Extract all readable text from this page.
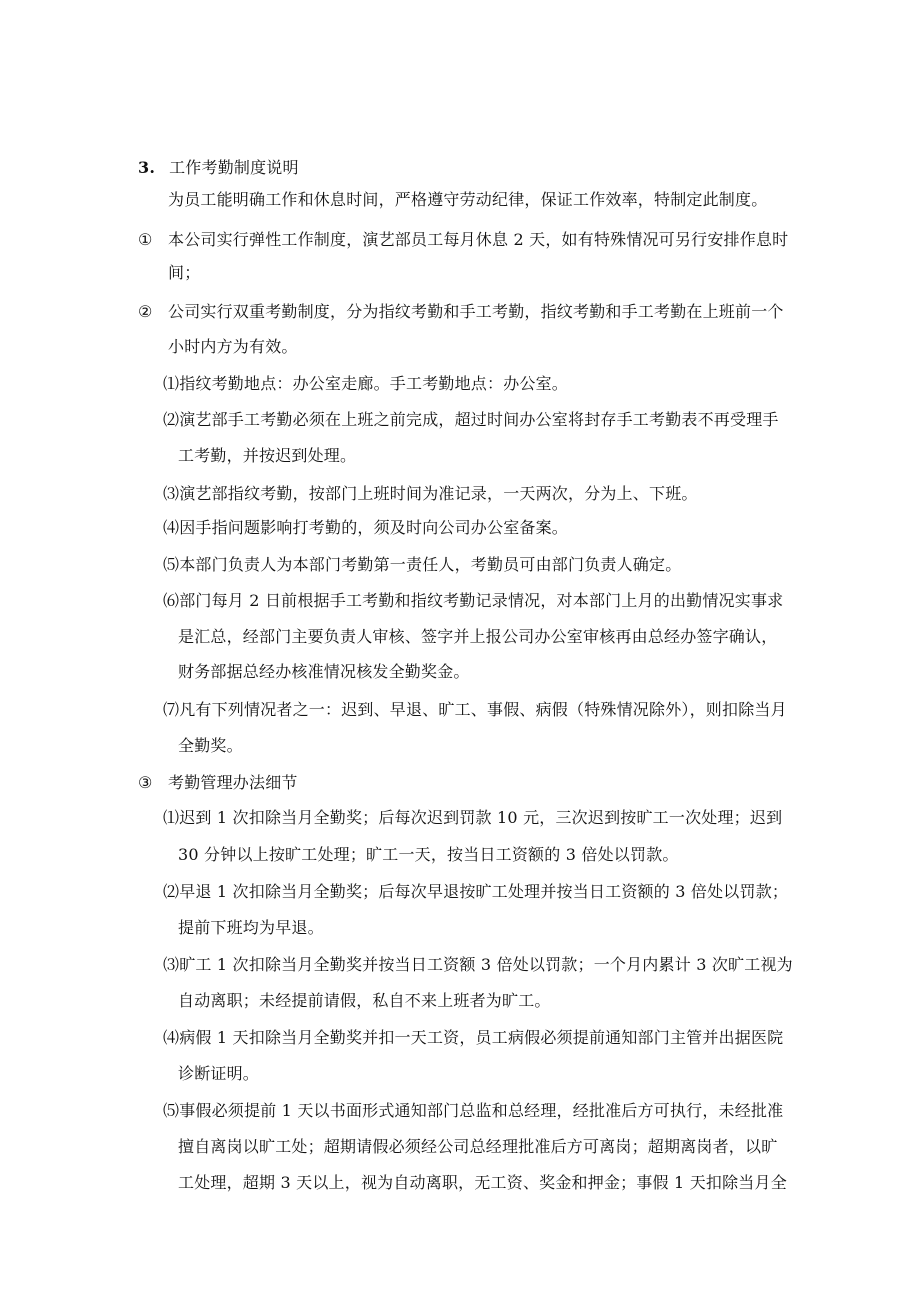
3. 工作考勤制度说明
为员工能明确工作和休息时间，严格遵守劳动纪律，保证工作效率，特制定此制度。
① 本公司实行弹性工作制度，演艺部员工每月休息 2 天，如有特殊情况可另行安排作息时
间；
② 公司实行双重考勤制度，分为指纹考勤和手工考勤，指纹考勤和手工考勤在上班前一个
小时内方为有效。
⑴指纹考勤地点：办公室走廊。手工考勤地点：办公室。
⑵演艺部手工考勤必须在上班之前完成，超过时间办公室将封存手工考勤表不再受理手
工考勤，并按迟到处理。
⑶演艺部指纹考勤，按部门上班时间为准记录，一天两次，分为上、下班。
⑷因手指问题影响打考勤的，须及时向公司办公室备案。
⑸本部门负责人为本部门考勤第一责任人，考勤员可由部门负责人确定。
⑹部门每月 2 日前根据手工考勤和指纹考勤记录情况，对本部门上月的出勤情况实事求
是汇总，经部门主要负责人审核、签字并上报公司办公室审核再由总经办签字确认，
财务部据总经办核准情况核发全勤奖金。
⑺凡有下列情况者之一：迟到、早退、旷工、事假、病假（特殊情况除外），则扣除当月
全勤奖。
③ 考勤管理办法细节
⑴迟到 1 次扣除当月全勤奖；后每次迟到罚款 10 元，三次迟到按旷工一次处理；迟到
30 分钟以上按旷工处理；旷工一天，按当日工资额的 3 倍处以罚款。
⑵早退 1 次扣除当月全勤奖；后每次早退按旷工处理并按当日工资额的 3 倍处以罚款；
提前下班均为早退。
⑶旷工 1 次扣除当月全勤奖并按当日工资额 3 倍处以罚款；一个月内累计 3 次旷工视为
自动离职；未经提前请假，私自不来上班者为旷工。
⑷病假 1 天扣除当月全勤奖并扣一天工资，员工病假必须提前通知部门主管并出据医院
诊断证明。
⑸事假必须提前 1 天以书面形式通知部门总监和总经理，经批准后方可执行，未经批准
擅自离岗以旷工处；超期请假必须经公司总经理批准后方可离岗；超期离岗者，以旷
工处理，超期 3 天以上，视为自动离职，无工资、奖金和押金；事假 1 天扣除当月全
